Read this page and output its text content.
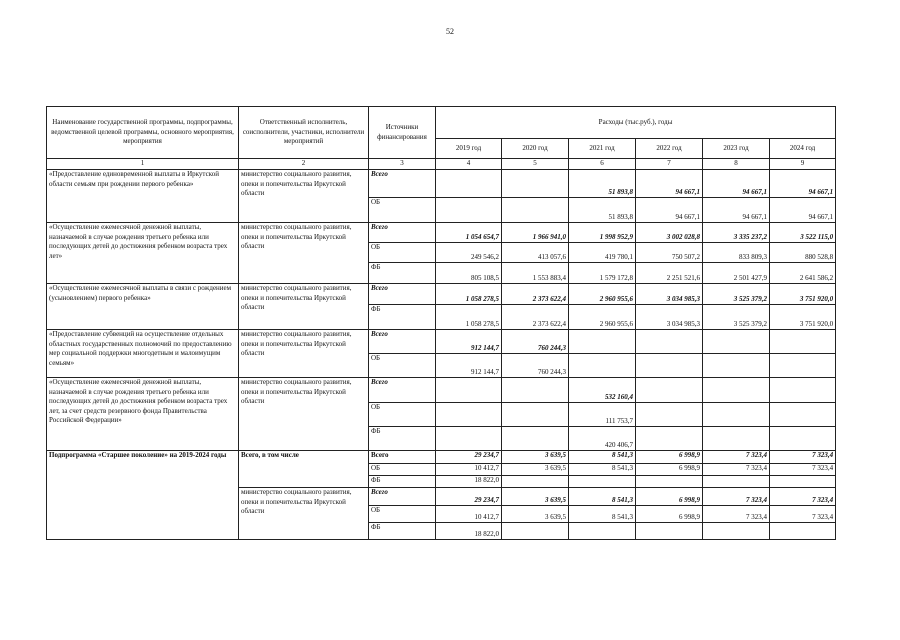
52
Наименование государственной программы, подпрограммы, ведомственной целевой программы, основного мероприятия, мероприятия	Ответственный исполнитель, соисполнители, участники, исполнители мероприятий	Источники финансирования	Расходы (тыс.руб.), годы					
			2019 год	2020 год	2021 год	2022 год	2023 год	2024 год
1	2	3	4	5	6	7	8	9
«Предоставление единовременной выплаты в Иркутской области семьям при рождении первого ребенка»	министерство социального развития, опеки и попечительства Иркутской области	Всего			51 893,8	94 667,1	94 667,1	94 667,1
		ОБ			51 893,8	94 667,1	94 667,1	94 667,1
«Осуществление ежемесячной денежной выплаты, назначаемой в случае рождения третьего ребенка или последующих детей до достижения ребенком возраста трех лет»	министерство социального развития, опеки и попечительства Иркутской области	Всего	1 054 654,7	1 966 941,0	1 998 952,9	3 002 028,8	3 335 237,2	3 522 115,0
		ОБ	249 546,2	413 057,6	419 780,1	750 507,2	833 809,3	880 528,8
		ФБ	805 108,5	1 553 883,4	1 579 172,8	2 251 521,6	2 501 427,9	2 641 586,2
«Осуществление ежемесячной выплаты в связи с рождением (усыновлением) первого ребенка»	министерство социального развития, опеки и попечительства Иркутской области	Всего	1 058 278,5	2 373 622,4	2 960 955,6	3 034 985,3	3 525 379,2	3 751 920,0
		ФБ	1 058 278,5	2 373 622,4	2 960 955,6	3 034 985,3	3 525 379,2	3 751 920,0
«Предоставление субвенций на осуществление отдельных областных государственных полномочий по предоставлению мер социальной поддержки многодетным и малоимущим семьям»	министерство социального развития, опеки и попечительства Иркутской области	Всего	912 144,7	760 244,3				
		ОБ	912 144,7	760 244,3				
«Осуществление ежемесячной денежной выплаты, назначаемой в случае рождения третьего ребенка или последующих детей до достижения ребенком возраста трех лет, за счет средств резервного фонда Правительства Российской Федерации»	министерство социального развития, опеки и попечительства Иркутской области	Всего			532 160,4			
		ОБ			111 753,7			
		ФБ			420 406,7			
Подпрограмма «Старшее поколение» на 2019-2024 годы	Всего, в том числе	Всего	29 234,7	3 639,5	8 541,3	6 998,9	7 323,4	7 323,4
		ОБ	10 412,7	3 639,5	8 541,3	6 998,9	7 323,4	7 323,4
		ФБ	18 822,0					
	министерство социального развития, опеки и попечительства Иркутской области	Всего	29 234,7	3 639,5	8 541,3	6 998,9	7 323,4	7 323,4
		ОБ	10 412,7	3 639,5	8 541,3	6 998,9	7 323,4	7 323,4
		ФБ	18 822,0					
